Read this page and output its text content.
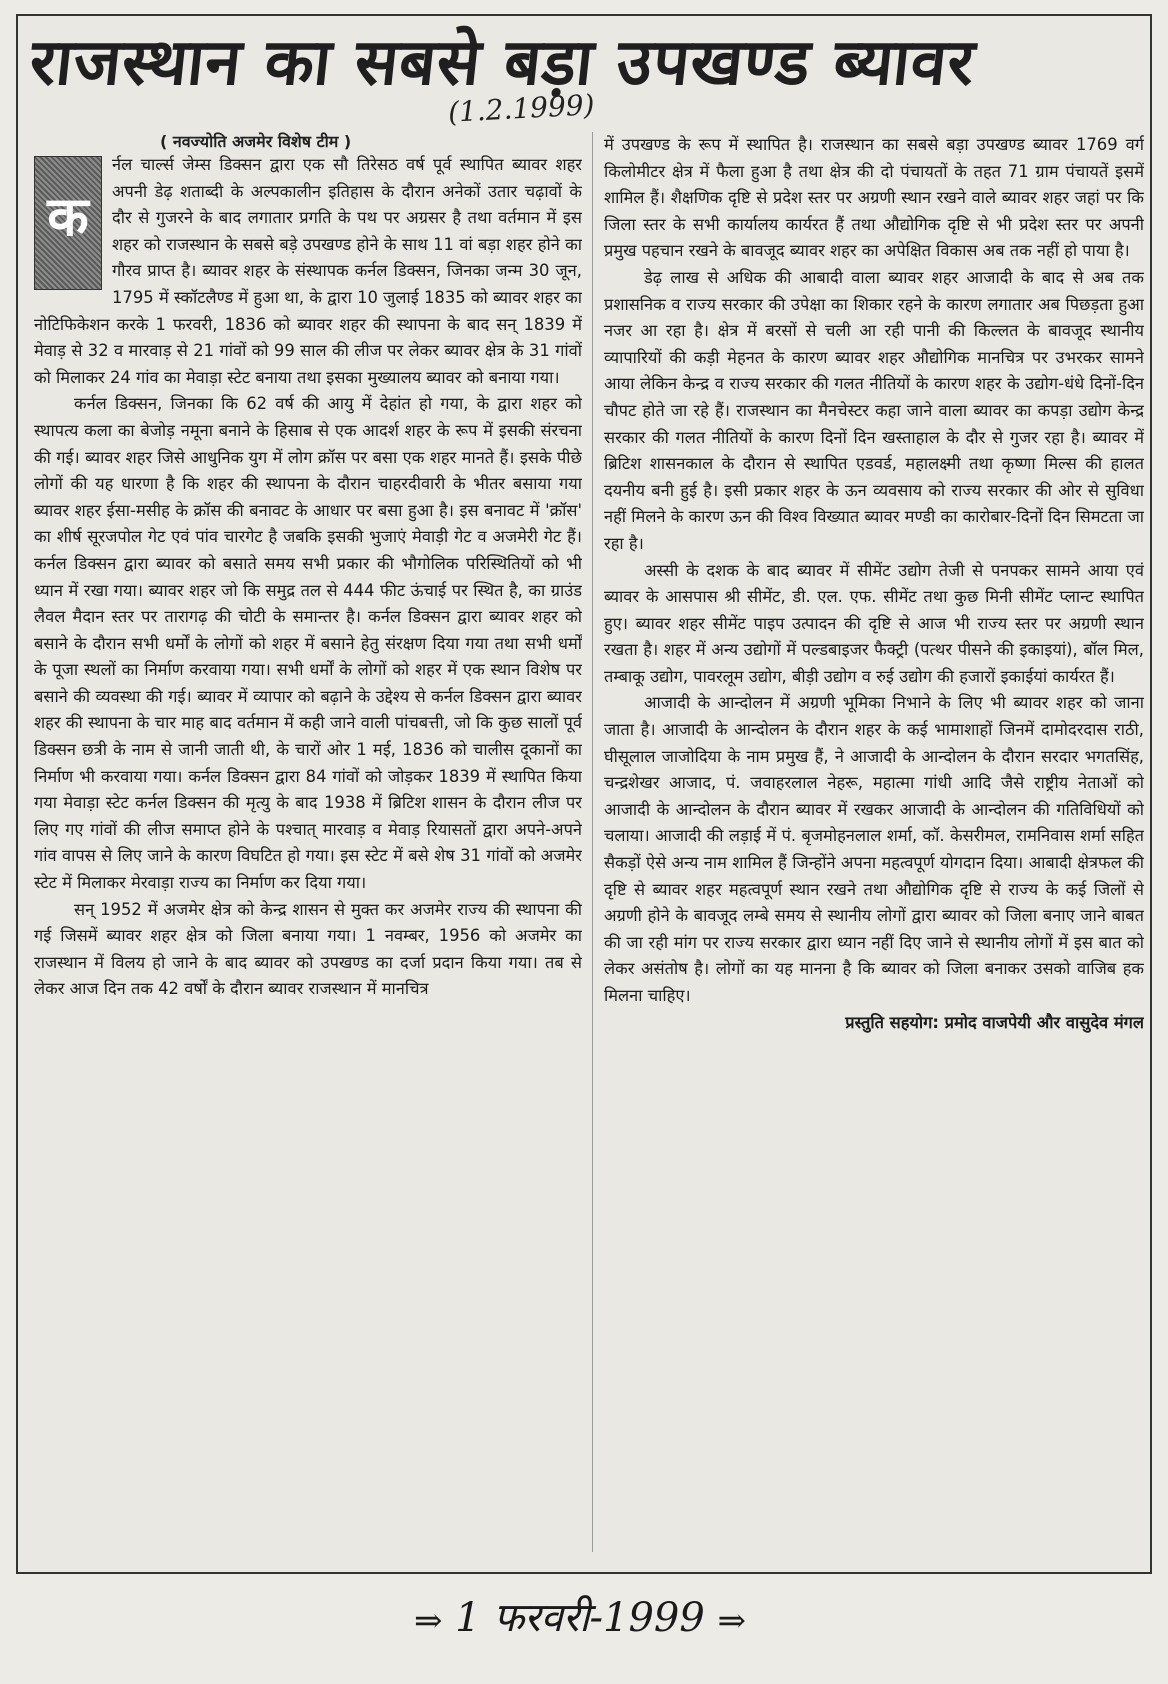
राजस्थान का सबसे बड़ा उपखण्ड ब्यावर
(1.2.1999)
( नवज्योति अजमेर विशेष टीम )

क
र्नल चार्ल्स जेम्स डिक्सन द्वारा एक सौ तिरेसठ वर्ष पूर्व स्थापित ब्यावर शहर अपनी डेढ़ शताब्दी के अल्पकालीन इतिहास के दौरान अनेकों उतार चढ़ावों के दौर से गुजरने के बाद लगातार प्रगति के पथ पर अग्रसर है तथा वर्तमान में इस शहर को राजस्थान के सबसे बड़े उपखण्ड होने के साथ 11 वां बड़ा शहर होने का गौरव प्राप्त है। ब्यावर शहर के संस्थापक कर्नल डिक्सन, जिनका जन्म 30 जून, 1795 में स्कॉटलैण्ड में हुआ था, के द्वारा 10 जुलाई 1835 को ब्यावर शहर का नोटिफिकेशन करके 1 फरवरी, 1836 को ब्यावर शहर की स्थापना के बाद सन् 1839 में मेवाड़ से 32 व मारवाड़ से 21 गांवों को 99 साल की लीज पर लेकर ब्यावर क्षेत्र के 31 गांवों को मिलाकर 24 गांव का मेवाड़ा स्टेट बनाया तथा इसका मुख्यालय ब्यावर को बनाया गया।

कर्नल डिक्सन, जिनका कि 62 वर्ष की आयु में देहांत हो गया, के द्वारा शहर को स्थापत्य कला का बेजोड़ नमूना बनाने के हिसाब से एक आदर्श शहर के रूप में इसकी संरचना की गई। ब्यावर शहर जिसे आधुनिक युग में लोग क्रॉस पर बसा एक शहर मानते हैं। इसके पीछे लोगों की यह धारणा है कि शहर की स्थापना के दौरान चाहरदीवारी के भीतर बसाया गया ब्यावर शहर ईसा-मसीह के क्रॉस की बनावट के आधार पर बसा हुआ है। इस बनावट में 'क्रॉस' का शीर्ष सूरजपोल गेट एवं पांव चारगेट है जबकि इसकी भुजाएं मेवाड़ी गेट व अजमेरी गेट हैं। कर्नल डिक्सन द्वारा ब्यावर को बसाते समय सभी प्रकार की भौगोलिक परिस्थितियों को भी ध्यान में रखा गया। ब्यावर शहर जो कि समुद्र तल से 444 फीट ऊंचाई पर स्थित है, का ग्राउंड लैवल मैदान स्तर पर तारागढ़ की चोटी के समान्तर है। कर्नल डिक्सन द्वारा ब्यावर शहर को बसाने के दौरान सभी धर्मों के लोगों को शहर में बसाने हेतु संरक्षण दिया गया तथा सभी धर्मों के पूजा स्थलों का निर्माण करवाया गया। सभी धर्मों के लोगों को शहर में एक स्थान विशेष पर बसाने की व्यवस्था की गई। ब्यावर में व्यापार को बढ़ाने के उद्देश्य से कर्नल डिक्सन द्वारा ब्यावर शहर की स्थापना के चार माह बाद वर्तमान में कही जाने वाली पांचबत्ती, जो कि कुछ सालों पूर्व डिक्सन छत्री के नाम से जानी जाती थी, के चारों ओर 1 मई, 1836 को चालीस दूकानों का निर्माण भी करवाया गया। कर्नल डिक्सन द्वारा 84 गांवों को जोड़कर 1839 में स्थापित किया गया मेवाड़ा स्टेट कर्नल डिक्सन की मृत्यु के बाद 1938 में ब्रिटिश शासन के दौरान लीज पर लिए गए गांवों की लीज समाप्त होने के पश्चात् मारवाड़ व मेवाड़ रियासतों द्वारा अपने-अपने गांव वापस से लिए जाने के कारण विघटित हो गया। इस स्टेट में बसे शेष 31 गांवों को अजमेर स्टेट में मिलाकर मेरवाड़ा राज्य का निर्माण कर दिया गया।

सन् 1952 में अजमेर क्षेत्र को केन्द्र शासन से मुक्त कर अजमेर राज्य की स्थापना की गई जिसमें ब्यावर शहर क्षेत्र को जिला बनाया गया। 1 नवम्बर, 1956 को अजमेर का राजस्थान में विलय हो जाने के बाद ब्यावर को उपखण्ड का दर्जा प्रदान किया गया। तब से लेकर आज दिन तक 42 वर्षों के दौरान ब्यावर राजस्थान में मानचित्र

में उपखण्ड के रूप में स्थापित है। राजस्थान का सबसे बड़ा उपखण्ड ब्यावर 1769 वर्ग किलोमीटर क्षेत्र में फैला हुआ है तथा क्षेत्र की दो पंचायतों के तहत 71 ग्राम पंचायतें इसमें शामिल हैं। शैक्षणिक दृष्टि से प्रदेश स्तर पर अग्रणी स्थान रखने वाले ब्यावर शहर जहां पर कि जिला स्तर के सभी कार्यालय कार्यरत हैं तथा औद्योगिक दृष्टि से भी प्रदेश स्तर पर अपनी प्रमुख पहचान रखने के बावजूद ब्यावर शहर का अपेक्षित विकास अब तक नहीं हो पाया है।

डेढ़ लाख से अधिक की आबादी वाला ब्यावर शहर आजादी के बाद से अब तक प्रशासनिक व राज्य सरकार की उपेक्षा का शिकार रहने के कारण लगातार अब पिछड़ता हुआ नजर आ रहा है। क्षेत्र में बरसों से चली आ रही पानी की किल्लत के बावजूद स्थानीय व्यापारियों की कड़ी मेहनत के कारण ब्यावर शहर औद्योगिक मानचित्र पर उभरकर सामने आया लेकिन केन्द्र व राज्य सरकार की गलत नीतियों के कारण शहर के उद्योग-धंधे दिनों-दिन चौपट होते जा रहे हैं। राजस्थान का मैनचेस्टर कहा जाने वाला ब्यावर का कपड़ा उद्योग केन्द्र सरकार की गलत नीतियों के कारण दिनों दिन खस्ताहाल के दौर से गुजर रहा है। ब्यावर में ब्रिटिश शासनकाल के दौरान से स्थापित एडवर्ड, महालक्ष्मी तथा कृष्णा मिल्स की हालत दयनीय बनी हुई है। इसी प्रकार शहर के ऊन व्यवसाय को राज्य सरकार की ओर से सुविधा नहीं मिलने के कारण ऊन की विश्व विख्यात ब्यावर मण्डी का कारोबार-दिनों दिन सिमटता जा रहा है।

अस्सी के दशक के बाद ब्यावर में सीमेंट उद्योग तेजी से पनपकर सामने आया एवं ब्यावर के आसपास श्री सीमेंट, डी. एल. एफ. सीमेंट तथा कुछ मिनी सीमेंट प्लान्ट स्थापित हुए। ब्यावर शहर सीमेंट पाइप उत्पादन की दृष्टि से आज भी राज्य स्तर पर अग्रणी स्थान रखता है। शहर में अन्य उद्योगों में पल्डबाइजर फैक्ट्री (पत्थर पीसने की इकाइयां), बॉल मिल, तम्बाकू उद्योग, पावरलूम उद्योग, बीड़ी उद्योग व रुई उद्योग की हजारों इकाईयां कार्यरत हैं।

आजादी के आन्दोलन में अग्रणी भूमिका निभाने के लिए भी ब्यावर शहर को जाना जाता है। आजादी के आन्दोलन के दौरान शहर के कई भामाशाहों जिनमें दामोदरदास राठी, घीसूलाल जाजोदिया के नाम प्रमुख हैं, ने आजादी के आन्दोलन के दौरान सरदार भगतसिंह, चन्द्रशेखर आजाद, पं. जवाहरलाल नेहरू, महात्मा गांधी आदि जैसे राष्ट्रीय नेताओं को आजादी के आन्दोलन के दौरान ब्यावर में रखकर आजादी के आन्दोलन की गतिविधियों को चलाया। आजादी की लड़ाई में पं. बृजमोहनलाल शर्मा, कॉ. केसरीमल, रामनिवास शर्मा सहित सैकड़ों ऐसे अन्य नाम शामिल हैं जिन्होंने अपना महत्वपूर्ण योगदान दिया। आबादी क्षेत्रफल की दृष्टि से ब्यावर शहर महत्वपूर्ण स्थान रखने तथा औद्योगिक दृष्टि से राज्य के कई जिलों से अग्रणी होने के बावजूद लम्बे समय से स्थानीय लोगों द्वारा ब्यावर को जिला बनाए जाने बाबत की जा रही मांग पर राज्य सरकार द्वारा ध्यान नहीं दिए जाने से स्थानीय लोगों में इस बात को लेकर असंतोष है। लोगों का यह मानना है कि ब्यावर को जिला बनाकर उसको वाजिब हक मिलना चाहिए।

प्रस्तुति सहयोग: प्रमोद वाजपेयी और वासुदेव मंगल

⇒ 1 फरवरी-1999 ⇒
